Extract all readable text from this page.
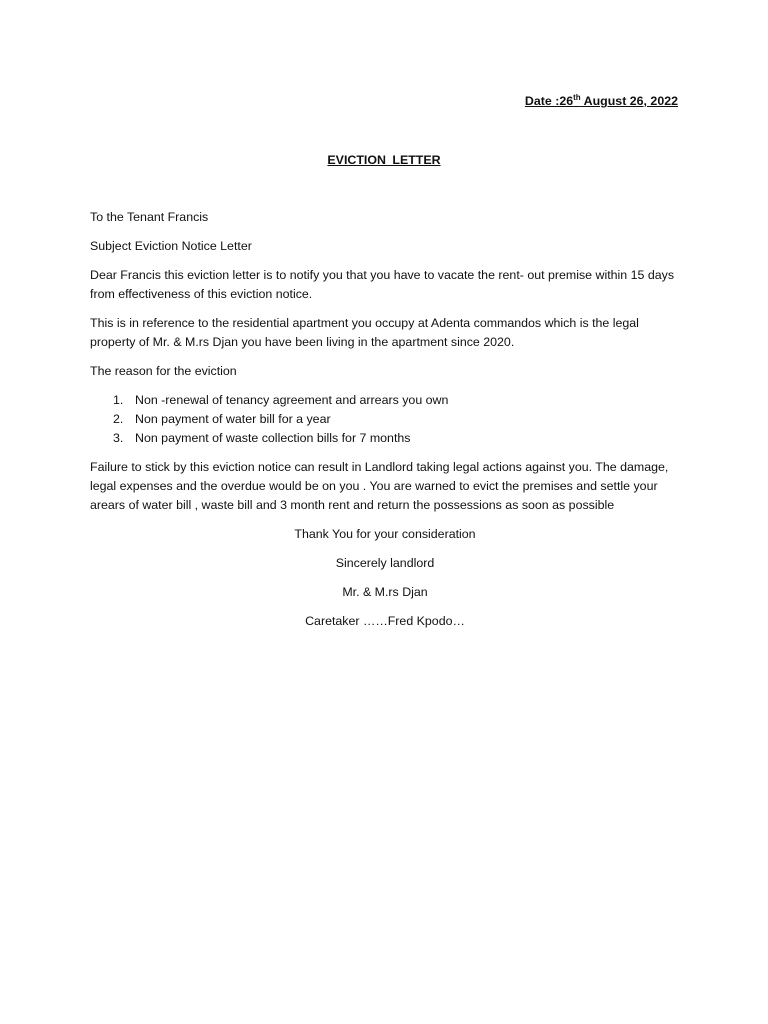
Date :26th August 26, 2022
EVICTION LETTER

To the Tenant Francis

Subject Eviction Notice Letter

Dear Francis this eviction letter is to notify you that you have to vacate the rent- out premise within 15 days from effectiveness of this eviction notice.

This is in reference to the residential apartment you occupy at Adenta commandos which is the legal property of Mr. & M.rs Djan you have been living in the apartment since 2020.

The reason for the eviction

1. Non -renewal of tenancy agreement and arrears you own
2. Non payment of water bill for a year
3. Non payment of waste collection bills for 7 months

Failure to stick by this eviction notice can result in Landlord taking legal actions against you. The damage, legal expenses and the overdue would be on you . You are warned to evict the premises and settle your arears of water bill , waste bill and 3 month rent and return the possessions as soon as possible

Thank You for your consideration
Sincerely landlord
Mr. & M.rs Djan
Caretaker ……Fred Kpodo…
